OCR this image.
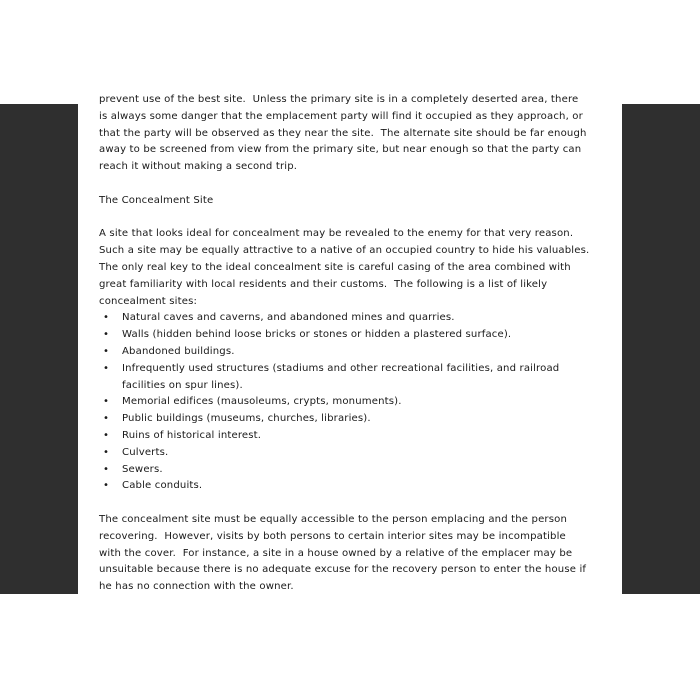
prevent use of the best site.  Unless the primary site is in a completely deserted area, there

is always some danger that the emplacement party will find it occupied as they approach, or

that the party will be observed as they near the site.  The alternate site should be far enough

away to be screened from view from the primary site, but near enough so that the party can

reach it without making a second trip.

The Concealment Site

A site that looks ideal for concealment may be revealed to the enemy for that very reason.

Such a site may be equally attractive to a native of an occupied country to hide his valuables.

The only real key to the ideal concealment site is careful casing of the area combined with

great familiarity with local residents and their customs.  The following is a list of likely

concealment sites:

• Natural caves and caverns, and abandoned mines and quarries.
• Walls (hidden behind loose bricks or stones or hidden a plastered surface).
• Abandoned buildings.
• Infrequently used structures (stadiums and other recreational facilities, and railroad
facilities on spur lines).
• Memorial edifices (mausoleums, crypts, monuments).
• Public buildings (museums, churches, libraries).
• Ruins of historical interest.
• Culverts.
• Sewers.
• Cable conduits.

The concealment site must be equally accessible to the person emplacing and the person

recovering.  However, visits by both persons to certain interior sites may be incompatible

with the cover.  For instance, a site in a house owned by a relative of the emplacer may be

unsuitable because there is no adequate excuse for the recovery person to enter the house if

he has no connection with the owner.
